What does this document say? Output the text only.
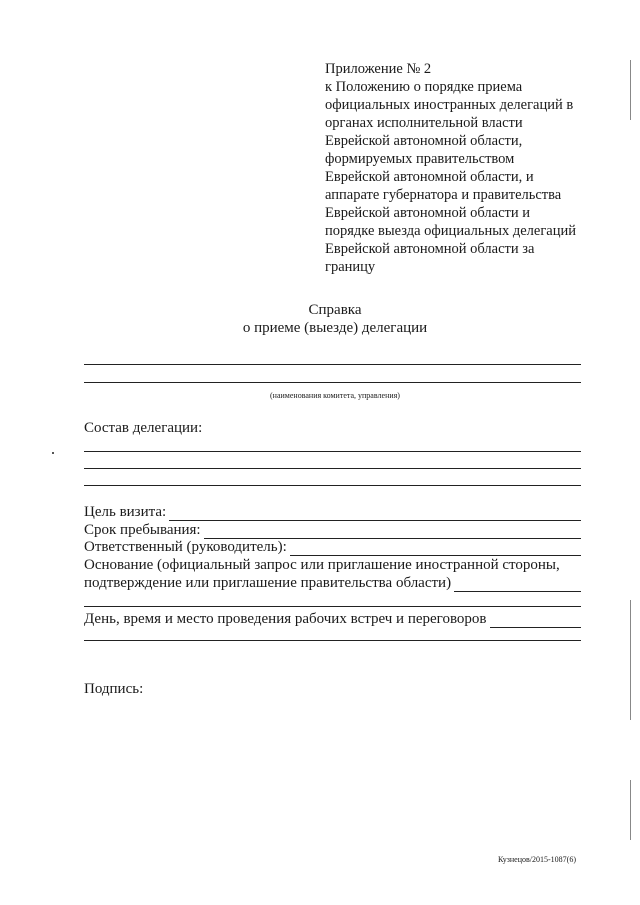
Приложение № 2
к Положению о порядке приема
официальных иностранных делегаций в
органах исполнительной власти
Еврейской автономной области,
формируемых правительством
Еврейской автономной области, и
аппарате губернатора и правительства
Еврейской автономной области и
порядке выезда официальных делегаций
Еврейской автономной области за
границу
Справка
о приеме (выезде) делегации
(наименования комитета, управления)
Состав делегации:
Цель визита:
Срок пребывания:
Ответственный (руководитель):
Основание (официальный запрос или приглашение иностранной стороны,
подтверждение или приглашение правительства области)
День, время и место проведения рабочих встреч и переговоров
Подпись:
Кузнецов/2015-1087(6)
